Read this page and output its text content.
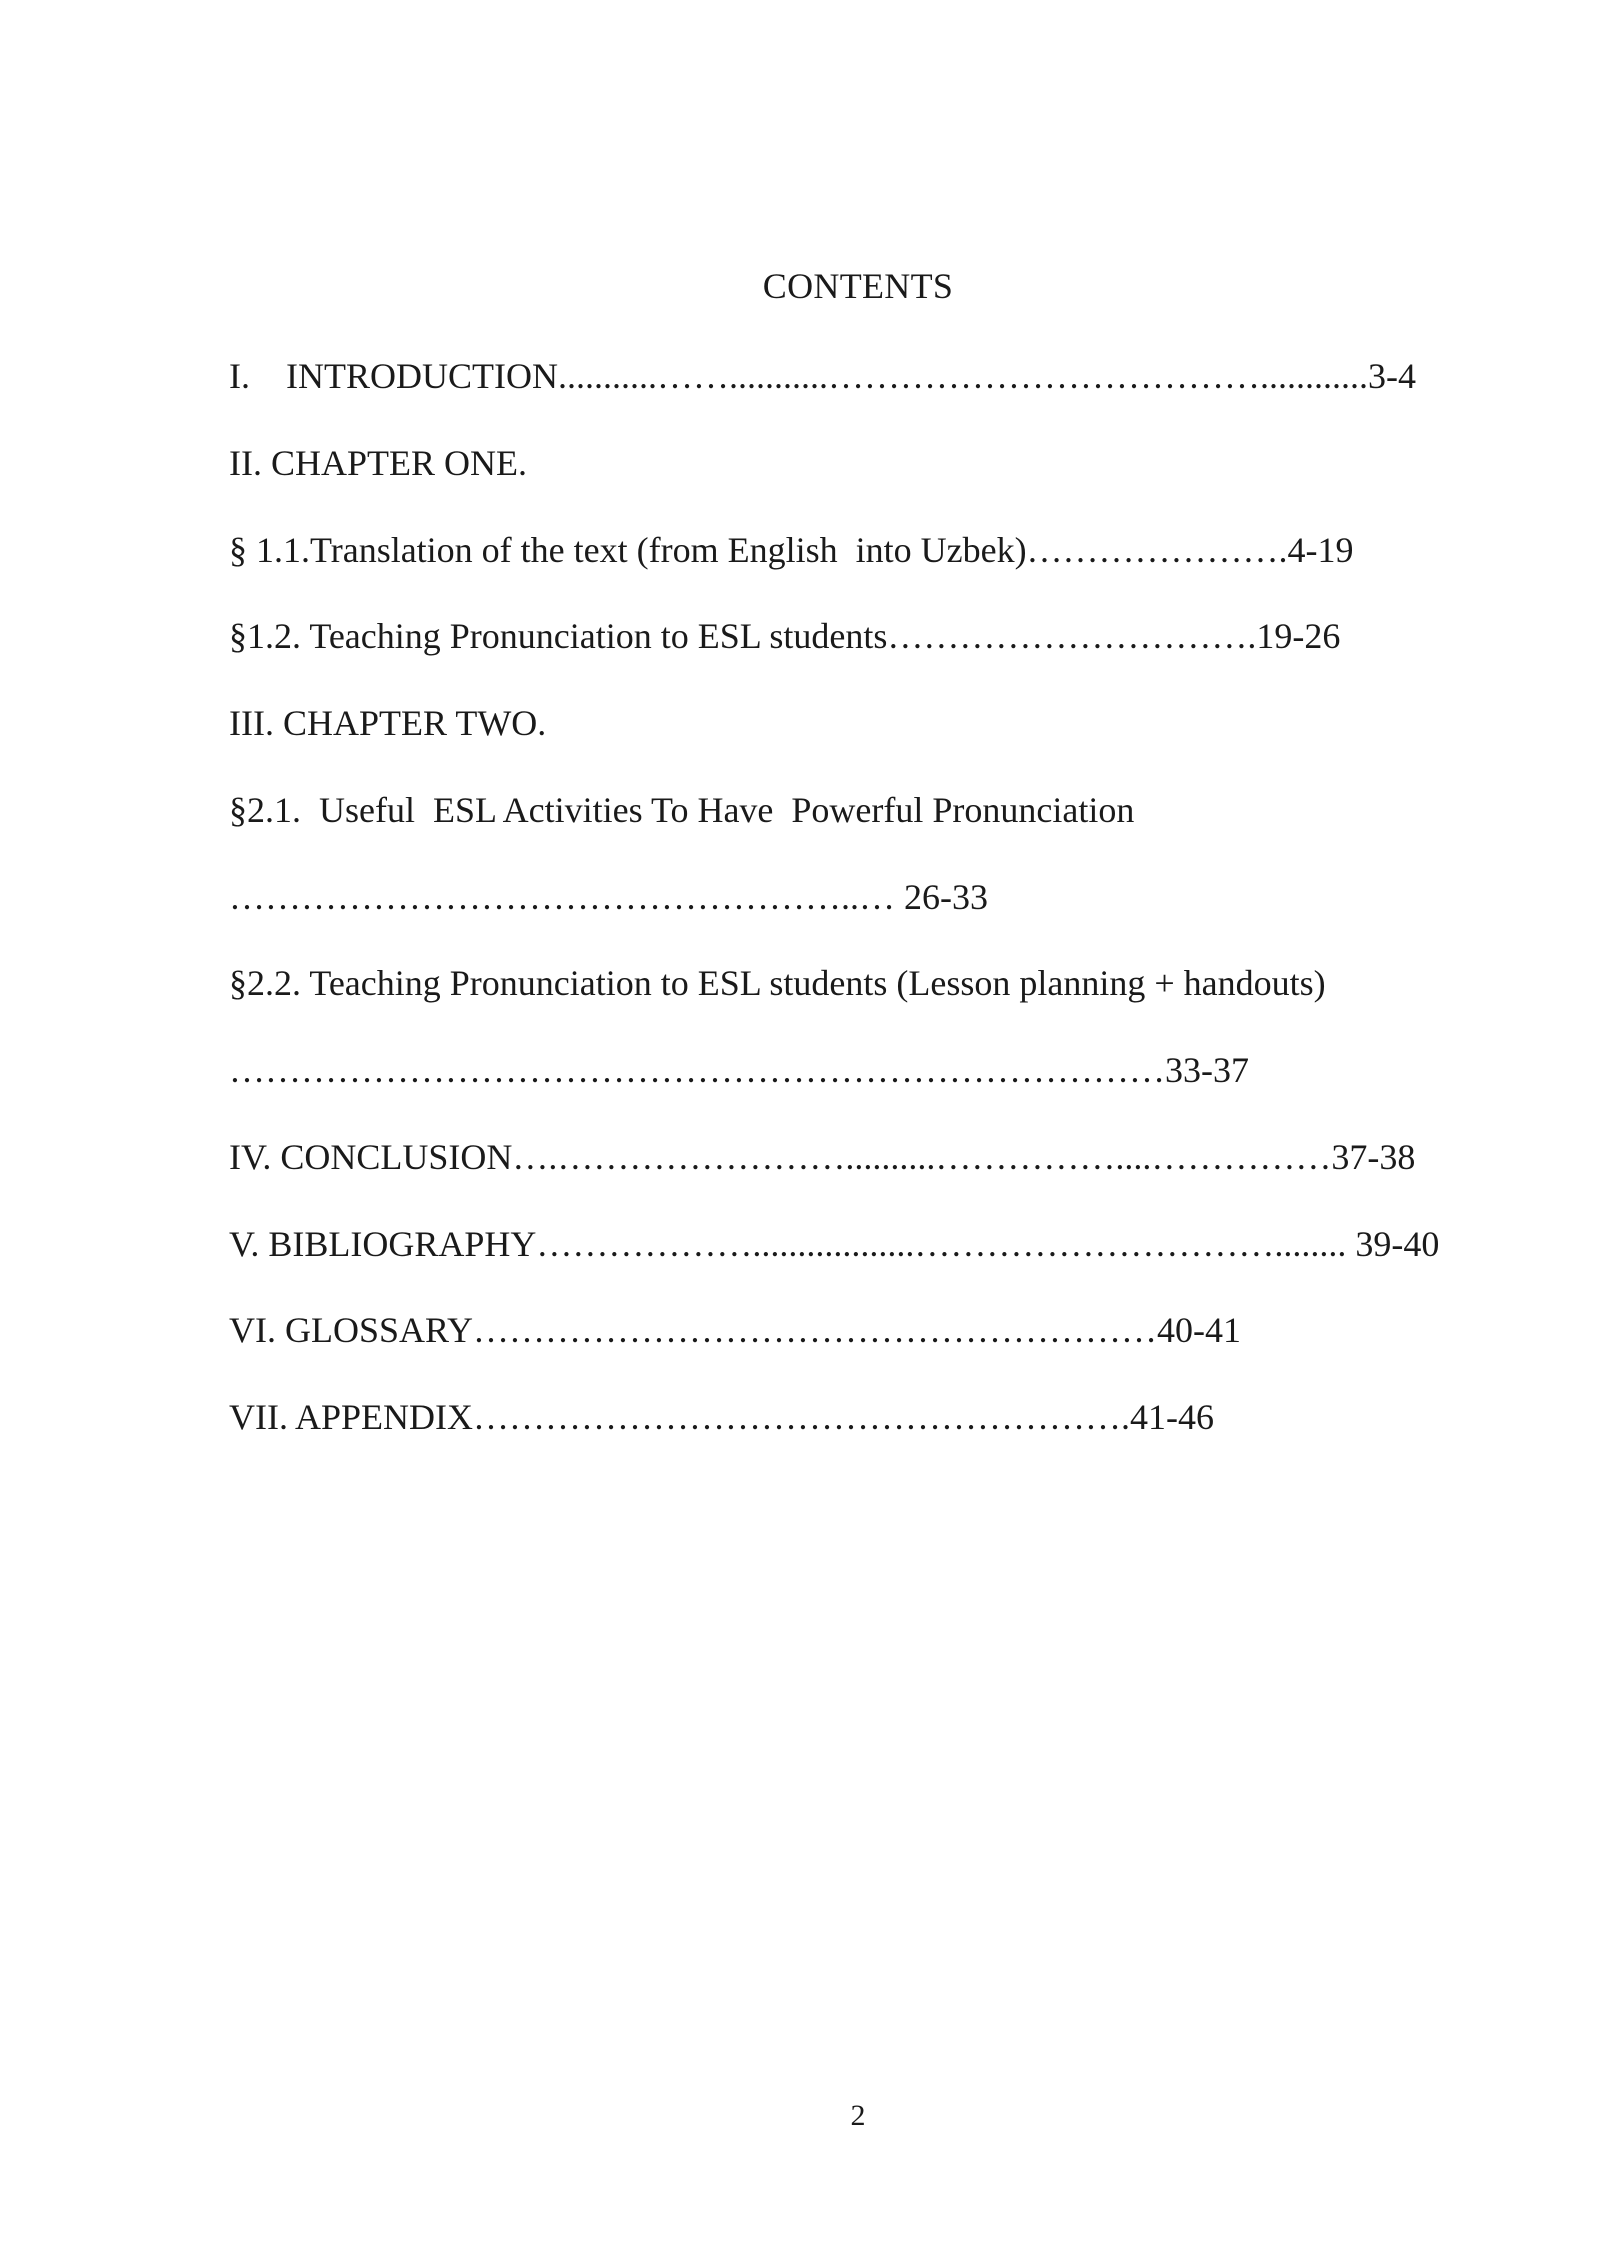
CONTENTS
I.    INTRODUCTION...........……...........………………………………............3-4
II. CHAPTER ONE.
§ 1.1.Translation of the text (from English  into Uzbek)………………….4-19
§1.2. Teaching Pronunciation to ESL students………………………….19-26
III. CHAPTER TWO.
§2.1.  Useful  ESL Activities To Have  Powerful Pronunciation
……………………………………………..… 26-33
§2.2. Teaching Pronunciation to ESL students (Lesson planning + handouts)
……………………………………………………………………33-37
IV. CONCLUSION….……………………..........……………....……………37-38
V. BIBLIOGRAPHY………………..................…………………………........ 39-40
VI. GLOSSARY…………………………………………………40-41
VII. APPENDIX……………………………………………….41-46
2
